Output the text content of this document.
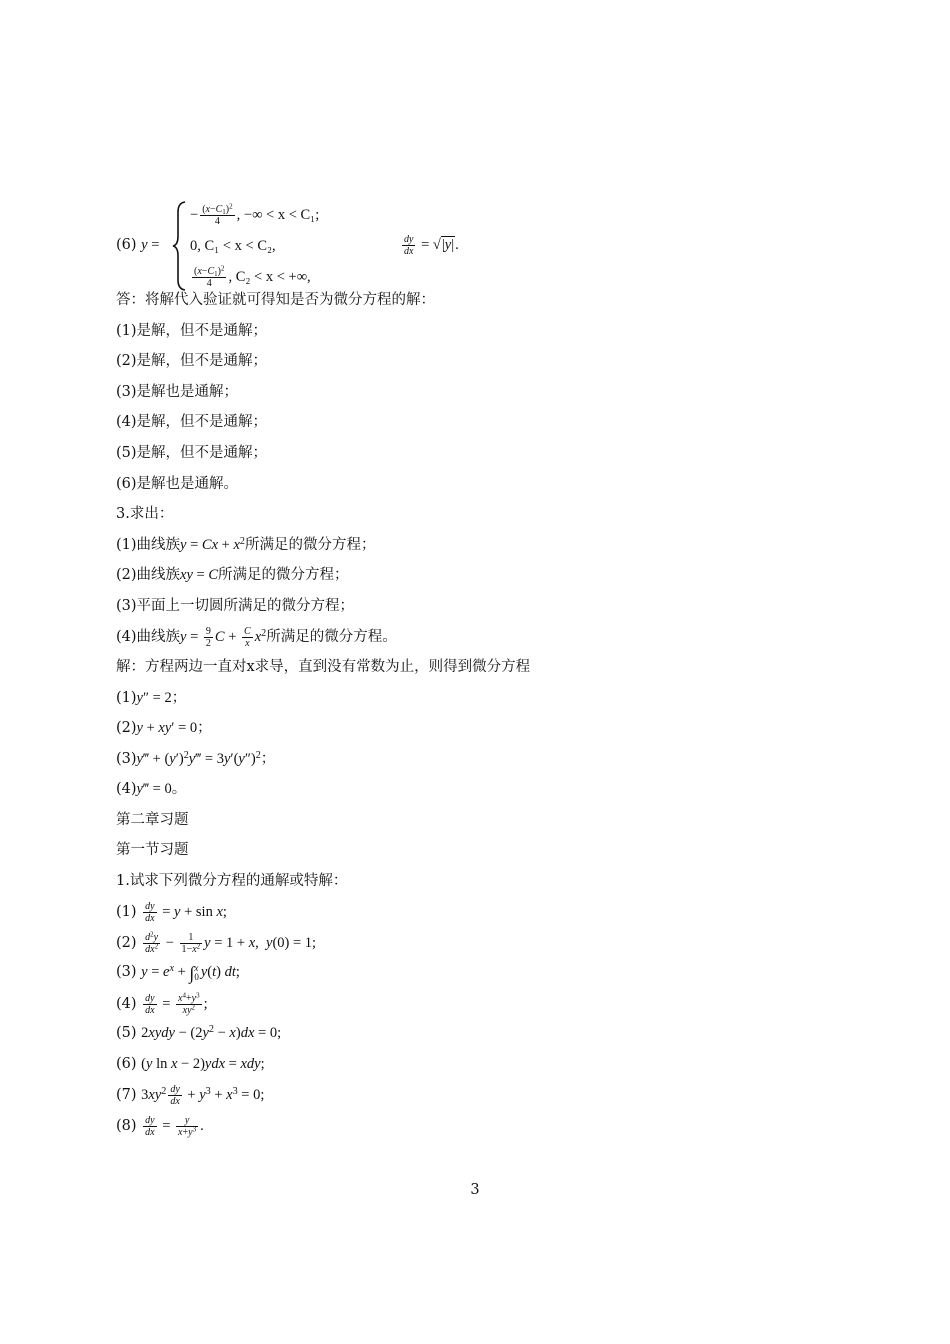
(6) y =
− $\frac{(x-C_1)^2}{4}$ , −∞ < x < C₁;
0, C₁ < x < C₂,
$\frac{(x-C_1)^2}{4}$ , C₂ < x < +∞,
$\frac{dy}{dx} = √|y|$.
答：将解代入验证就可得知是否为微分方程的解：
(1)是解，但不是通解；
(2)是解，但不是通解；
(3)是解也是通解；
(4)是解，但不是通解；
(5)是解，但不是通解；
(6)是解也是通解。
3.求出：
(1)曲线族$y = Cx + x^2$所满足的微分方程；
(2)曲线族xy = C所满足的微分方程；
(3)平面上一切圆所满足的微分方程；
(4)曲线族$y = \frac{9}{2}$ $C + \frac{C}{x} x^2$所满足的微分方程。
解：方程两边一直对x求导，直到没有常数为止，则得到微分方程
(1)y″ = 2；
(2)y + xy′ = 0；
(3)y‴ + $(y')^2y‴ = 3y'(y'')^2$；
(4)y‴ = 0。
第二章习题
第一节习题
1.试求下列微分方程的通解或特解：
$(1) \frac{dy}{dx} = y + \sin x$;
$(2) \frac{d^2y}{dx^2} - \frac{1}{1-x^2}$ y = 1 + x,  y(0) = 1;
(3) $y = e^x$ + ∫ x
0 y(t) dt;
$(4) \frac{dy}{dx} = \frac{x^4+y^3}{xy^2}$ ;
(5) 2xydy − $(2y^2 - x)dx = 0$;
(6) (y ln x − 2)ydx = xdy;
(7) $3xy^2 \frac{dy}{dx} + y^3 + x^3 = 0$;
$(8) \frac{dy}{dx} = \frac{y}{x+y^3}$ .
3
